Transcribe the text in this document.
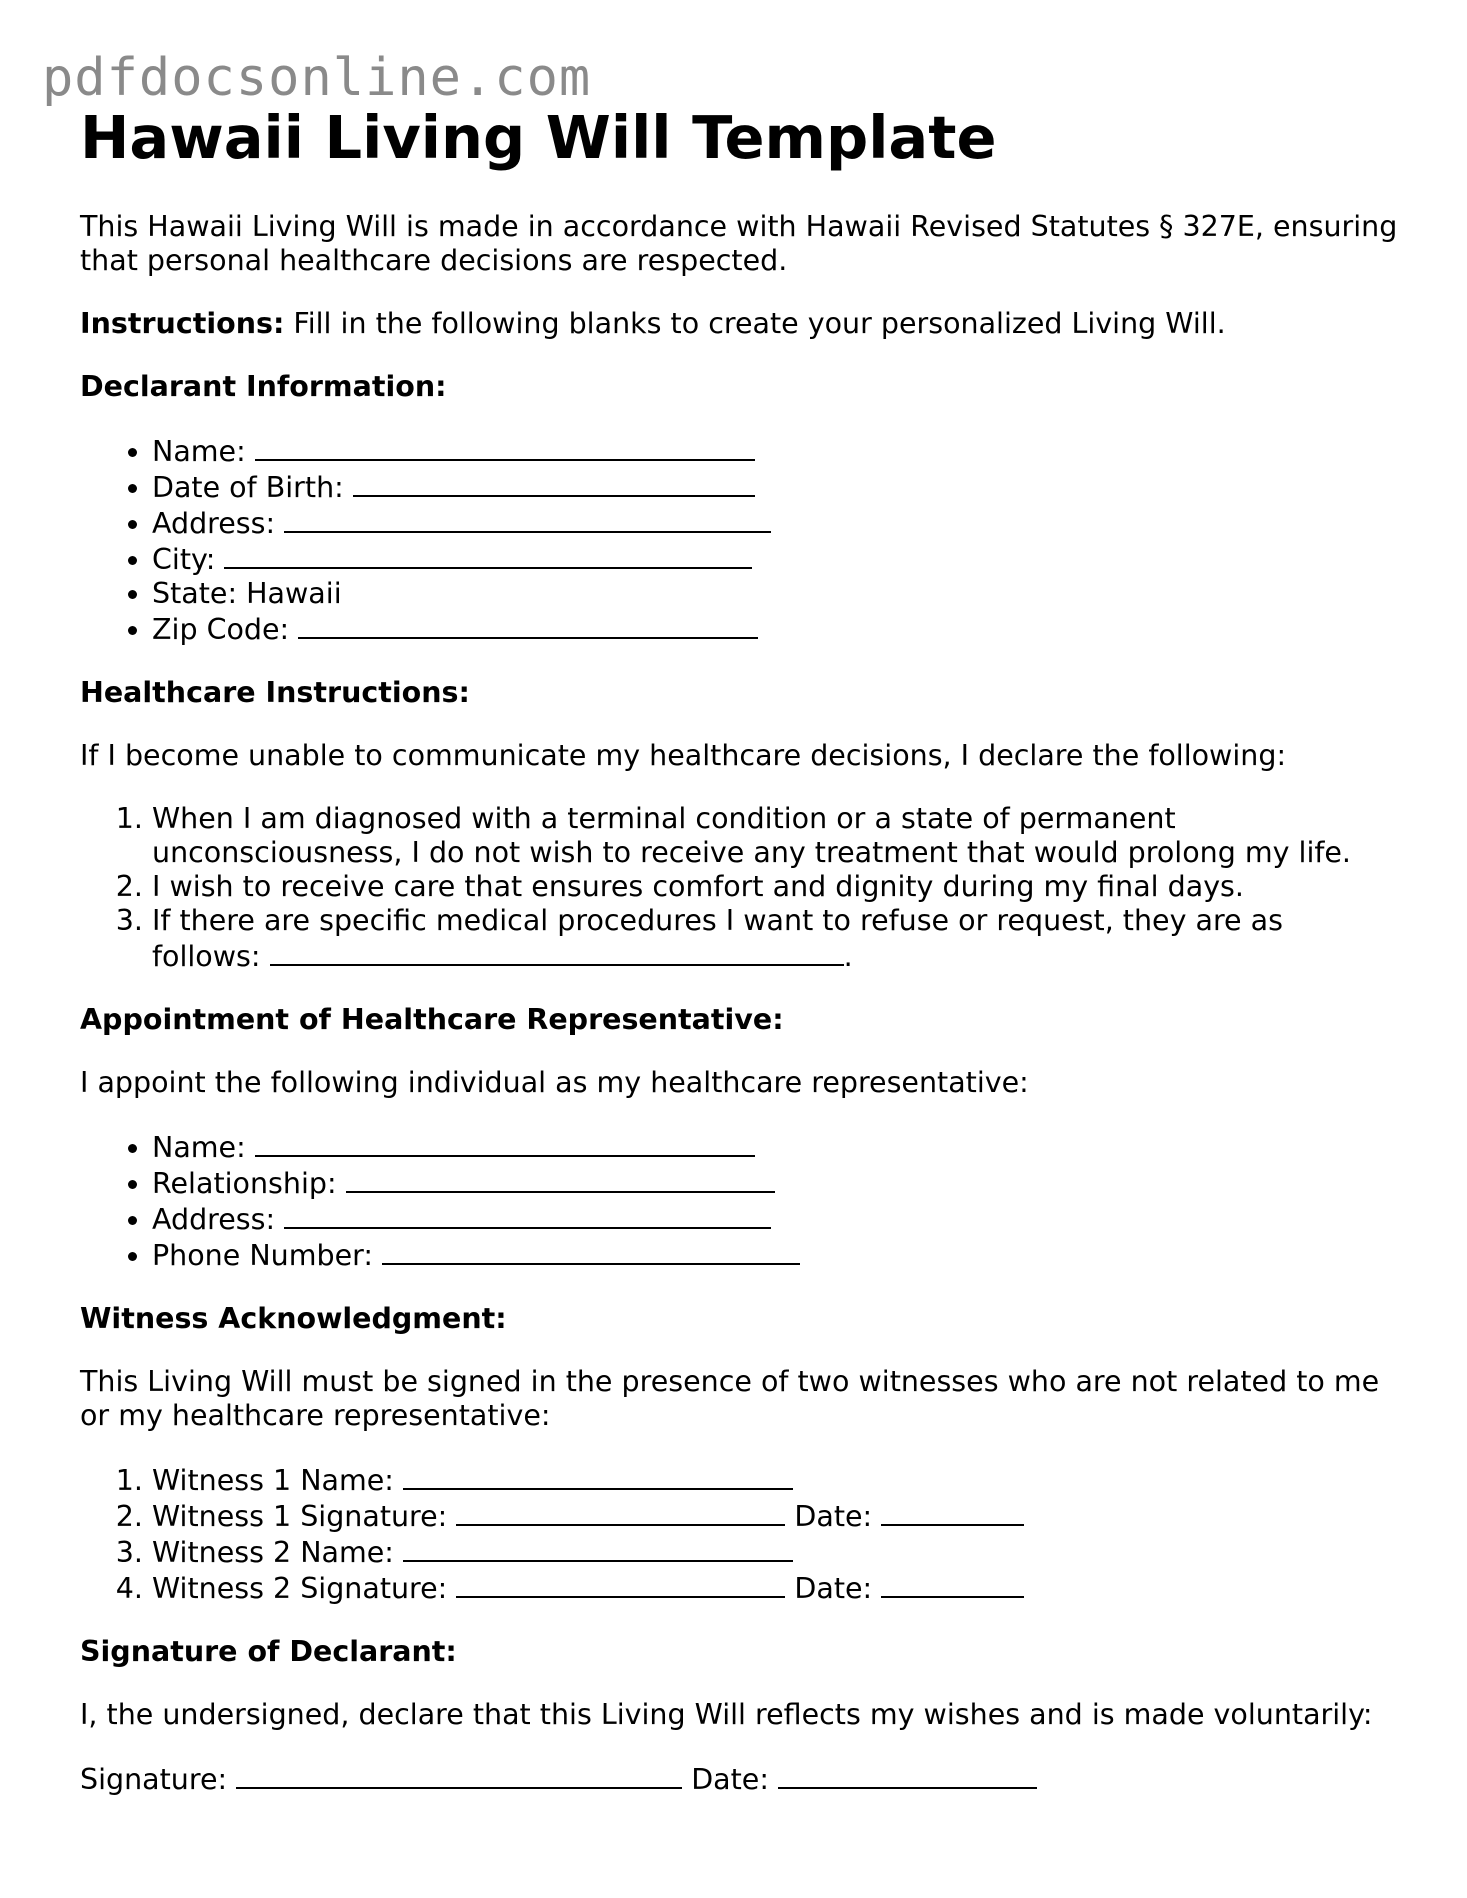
pdfdocsonline.com
Hawaii Living Will Template

This Hawaii Living Will is made in accordance with Hawaii Revised Statutes § 327E, ensuring that personal healthcare decisions are respected.

Instructions: Fill in the following blanks to create your personalized Living Will.

Declarant Information:
• Name:
• Date of Birth:
• Address:
• City:
• State: Hawaii
• Zip Code:
Healthcare Instructions:

If I become unable to communicate my healthcare decisions, I declare the following:

1. When I am diagnosed with a terminal condition or a state of permanent unconsciousness, I do not wish to receive any treatment that would prolong my life.
2. I wish to receive care that ensures comfort and dignity during my final days.
3. If there are specific medical procedures I want to refuse or request, they are as follows:	.
Appointment of Healthcare Representative:

I appoint the following individual as my healthcare representative:

• Name:
• Relationship:
• Address:
• Phone Number:
Witness Acknowledgment:

This Living Will must be signed in the presence of two witnesses who are not related to me or my healthcare representative:

1. Witness 1 Name:
2. Witness 1 Signature:	Date:
3. Witness 2 Name:
4. Witness 2 Signature:	Date:
Signature of Declarant:

I, the undersigned, declare that this Living Will reflects my wishes and is made voluntarily:

Signature:	Date:
